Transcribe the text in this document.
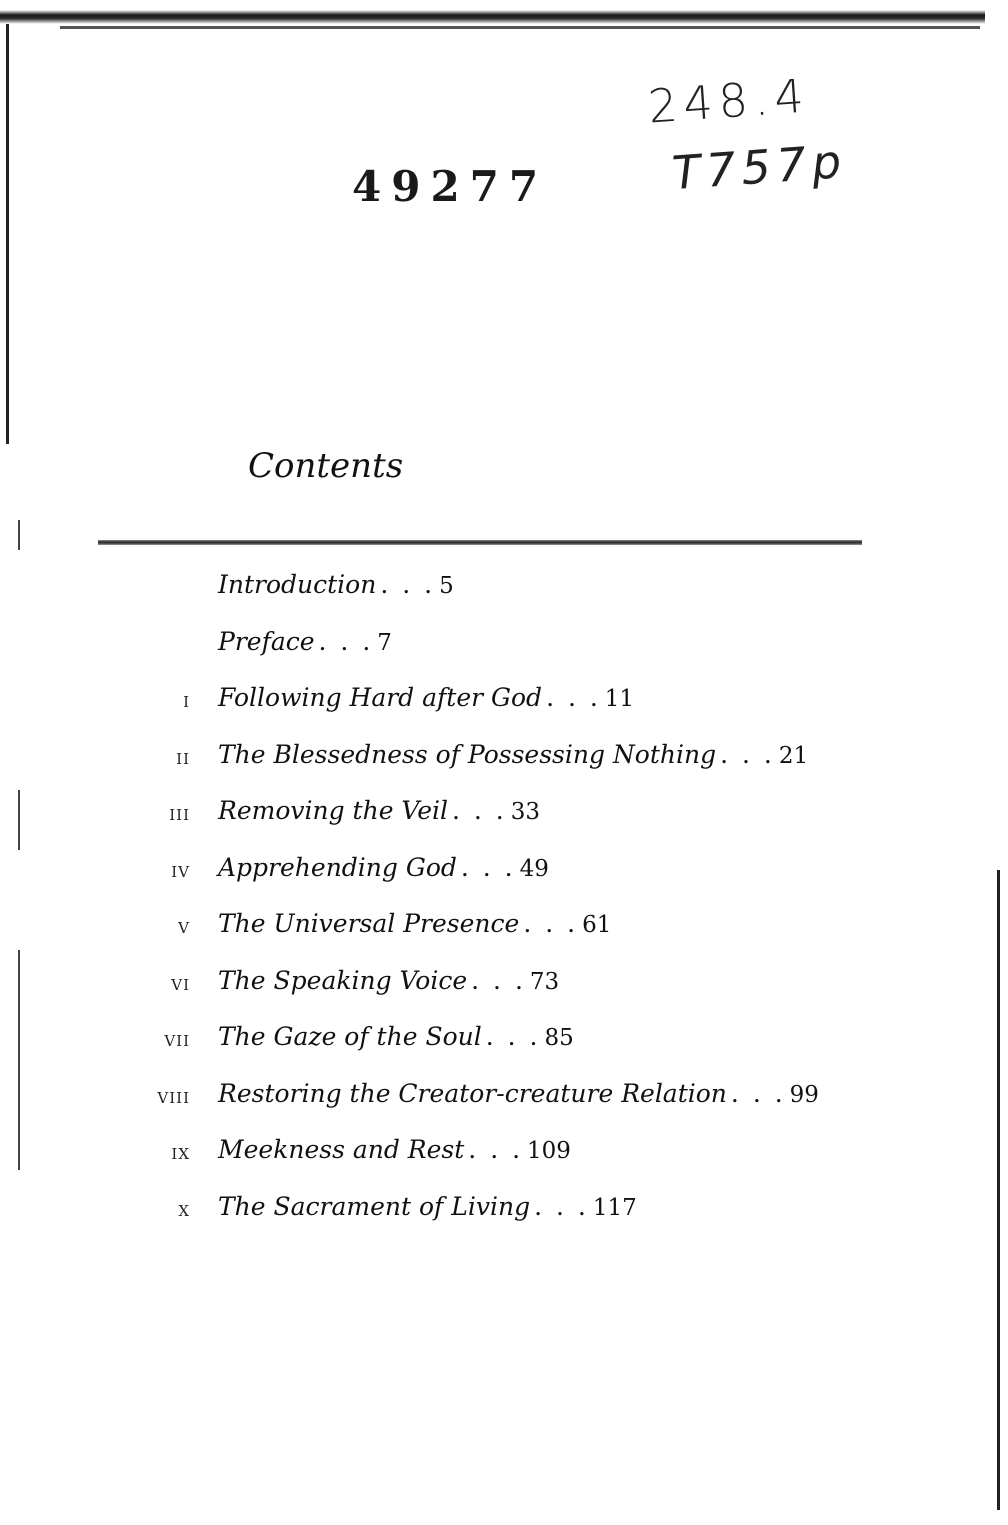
49277
248.4
T757p
Contents
Introduction . . . 5
Preface . . . 7
I Following Hard after God . . . 11
II The Blessedness of Possessing Nothing . . . 21
III Removing the Veil . . . 33
IV Apprehending God . . . 49
V The Universal Presence . . . 61
VI The Speaking Voice . . . 73
VII The Gaze of the Soul . . . 85
VIII Restoring the Creator-creature Relation . . . 99
IX Meekness and Rest . . . 109
X The Sacrament of Living . . . 117
